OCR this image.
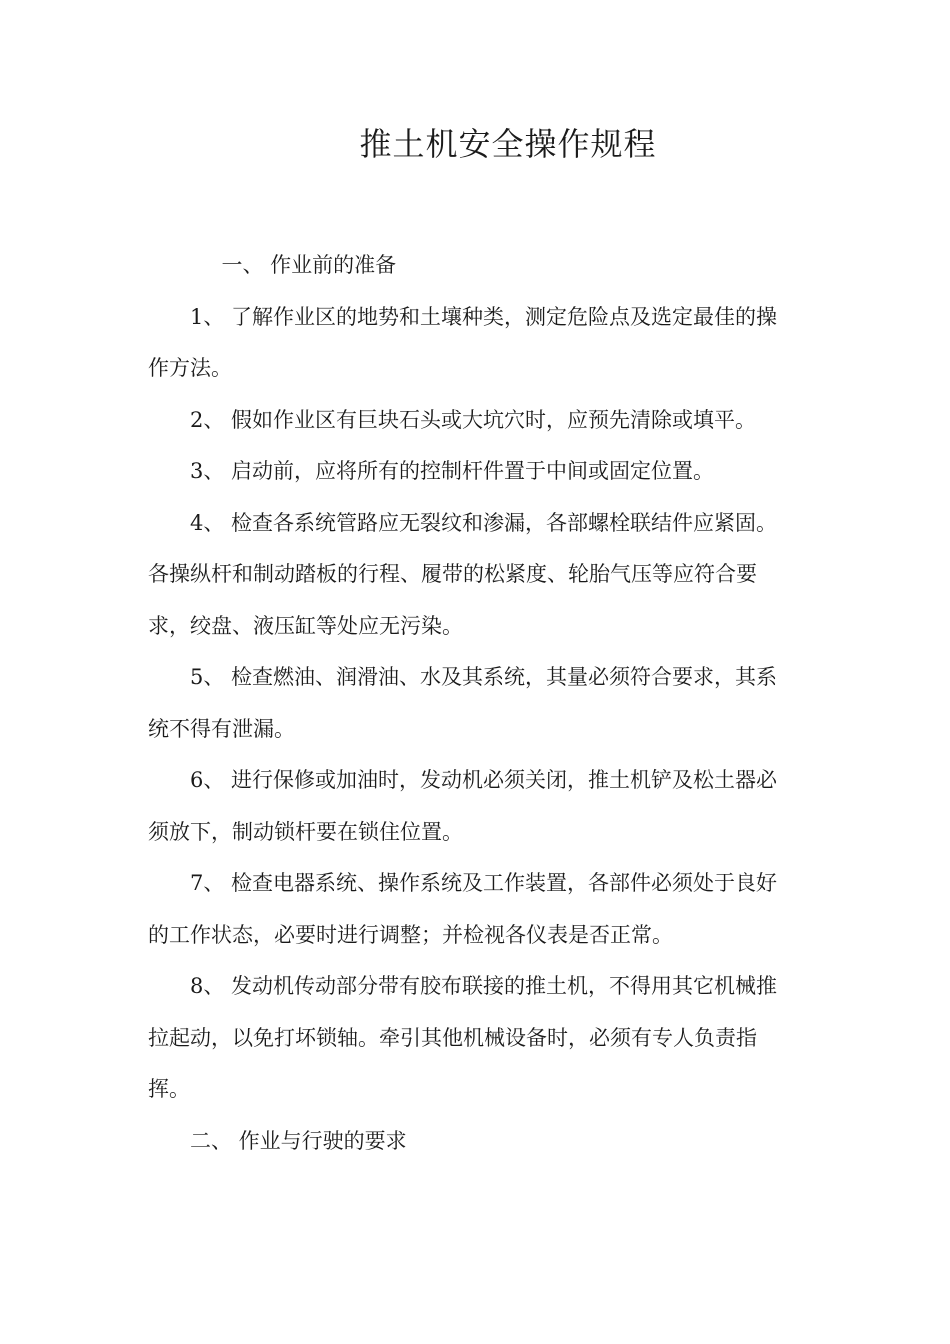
推土机安全操作规程

一、 作业前的准备

1、 了解作业区的地势和土壤种类，测定危险点及选定最佳的操作方法。

2、 假如作业区有巨块石头或大坑穴时，应预先清除或填平。

3、 启动前，应将所有的控制杆件置于中间或固定位置。

4、 检查各系统管路应无裂纹和渗漏，各部螺栓联结件应紧固。各操纵杆和制动踏板的行程、履带的松紧度、轮胎气压等应符合要求，绞盘、液压缸等处应无污染。

5、 检查燃油、润滑油、水及其系统，其量必须符合要求，其系统不得有泄漏。

6、 进行保修或加油时，发动机必须关闭，推土机铲及松土器必须放下，制动锁杆要在锁住位置。

7、 检查电器系统、操作系统及工作装置，各部件必须处于良好的工作状态，必要时进行调整；并检视各仪表是否正常。

8、 发动机传动部分带有胶布联接的推土机，不得用其它机械推拉起动，以免打坏锁轴。牵引其他机械设备时，必须有专人负责指挥。

二、 作业与行驶的要求
